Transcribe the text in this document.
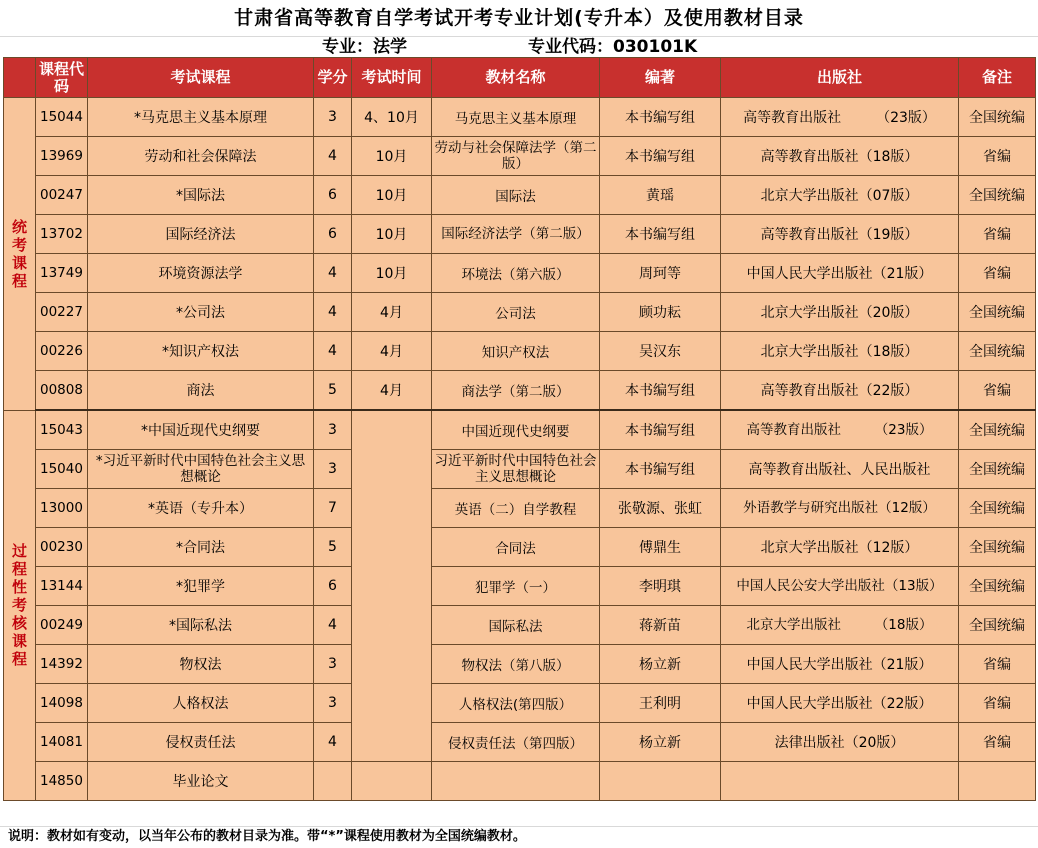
甘肃省高等教育自学考试开考专业计划(专升本）及使用教材目录
专业：法学	专业代码：030101K
	课程代码	考试课程	学分	考试时间	教材名称	编著	出版社	备注
统考课程	15044	*马克思主义基本原理	3	4、10月	马克思主义基本原理	本书编写组	高等教育出版社　　　（23版）	全国统编
	13969	劳动和社会保障法	4	10月	劳动与社会保障法学（第二版）	本书编写组	高等教育出版社（18版）	省编
	00247	*国际法	6	10月	国际法	黄瑶	北京大学出版社（07版）	全国统编
	13702	国际经济法	6	10月	国际经济法学（第二版）	本书编写组	高等教育出版社（19版）	省编
	13749	环境资源法学	4	10月	环境法（第六版）	周珂等	中国人民大学出版社（21版）	省编
	00227	*公司法	4	4月	公司法	顾功耘	北京大学出版社（20版）	全国统编
	00226	*知识产权法	4	4月	知识产权法	吴汉东	北京大学出版社（18版）	全国统编
	00808	商法	5	4月	商法学（第二版）	本书编写组	高等教育出版社（22版）	省编
过程性考核课程	15043	*中国近现代史纲要	3		中国近现代史纲要	本书编写组	高等教育出版社　　　（23版）	全国统编
	15040	*习近平新时代中国特色社会主义思想概论	3		习近平新时代中国特色社会主义思想概论	本书编写组	高等教育出版社、人民出版社	全国统编
	13000	*英语（专升本）	7		英语（二）自学教程	张敬源、张虹	外语教学与研究出版社（12版）	全国统编
	00230	*合同法	5		合同法	傅鼎生	北京大学出版社（12版）	全国统编
	13144	*犯罪学	6		犯罪学（一）	李明琪	中国人民公安大学出版社（13版）	全国统编
	00249	*国际私法	4		国际私法	蒋新苗	北京大学出版社　　　（18版）	全国统编
	14392	物权法	3		物权法（第八版）	杨立新	中国人民大学出版社（21版）	省编
	14098	人格权法	3		人格权法(第四版）	王利明	中国人民大学出版社（22版）	省编
	14081	侵权责任法	4		侵权责任法（第四版）	杨立新	法律出版社（20版）	省编
	14850	毕业论文						
说明：教材如有变动，以当年公布的教材目录为准。带“*”课程使用教材为全国统编教材。
